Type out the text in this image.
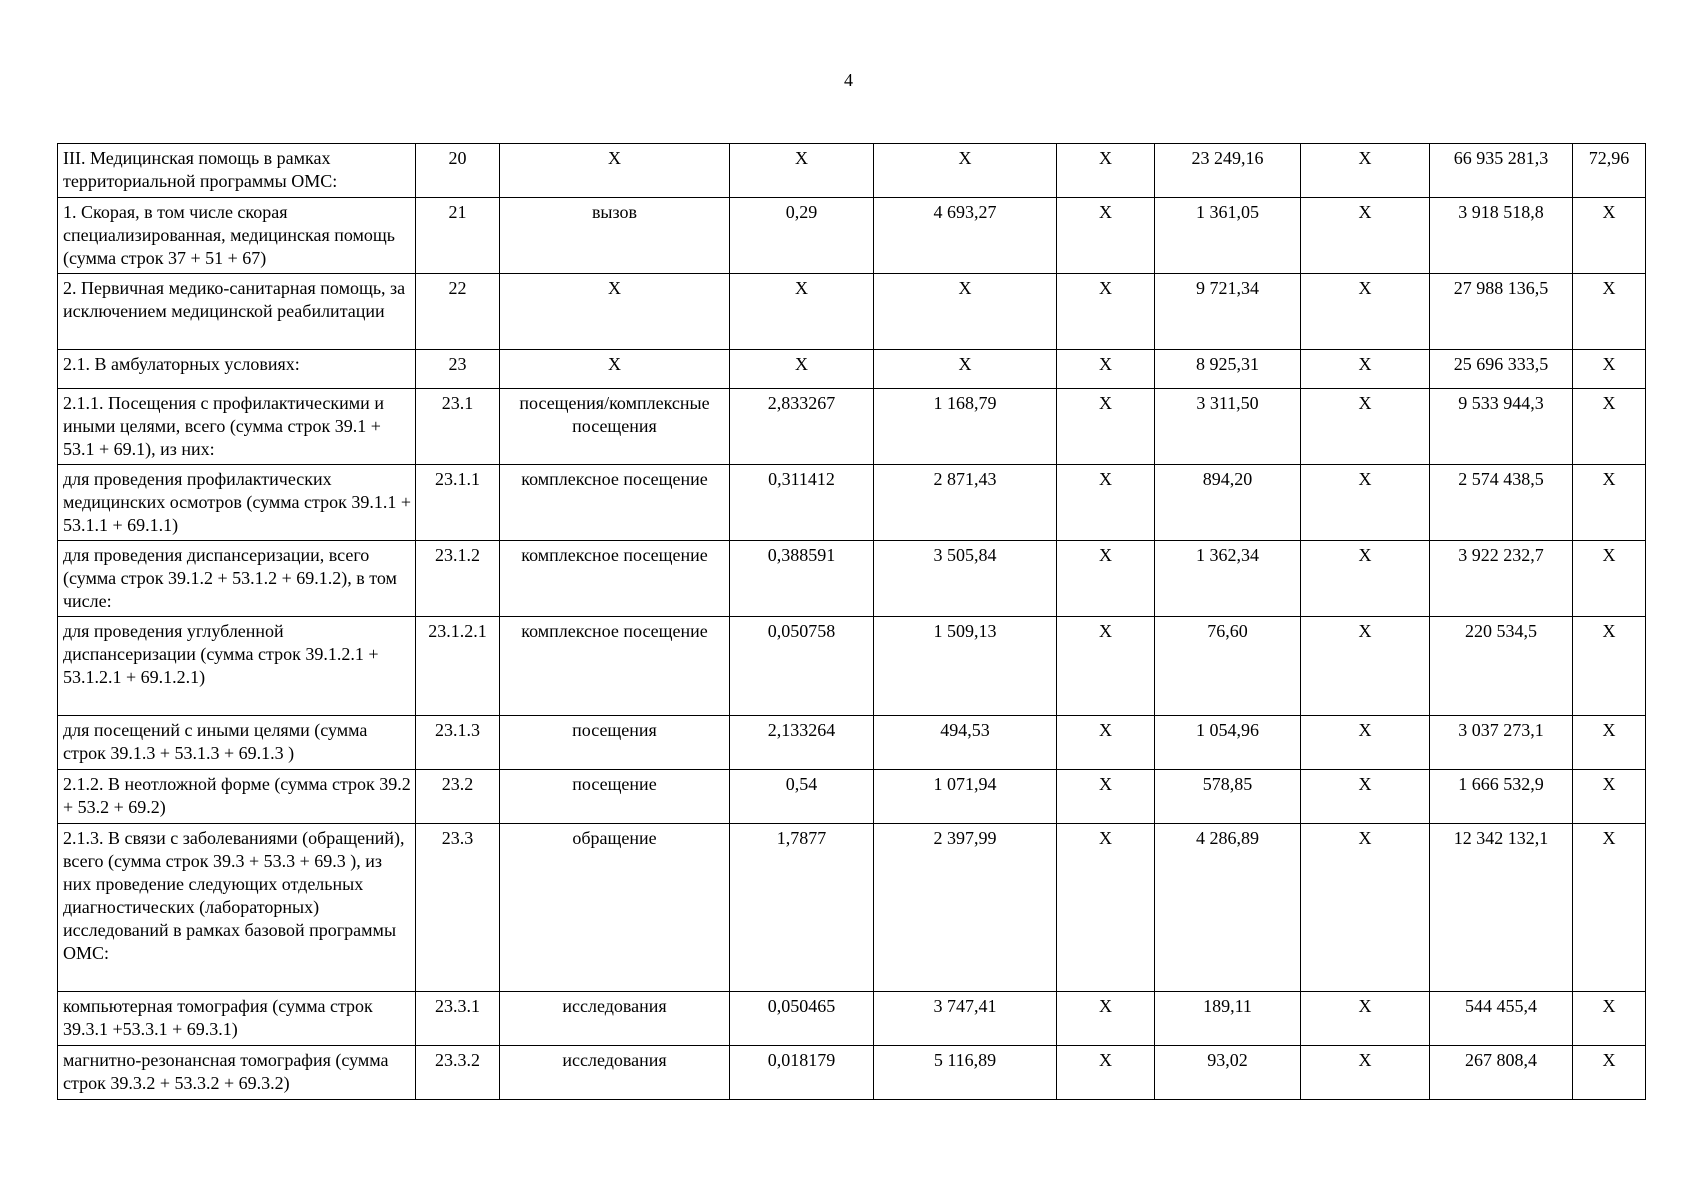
4
III. Медицинская помощь в рамках территориальной программы ОМС:	20	X	X	X	X	23 249,16	X	66 935 281,3	72,96
1. Скорая, в том числе скорая специализированная, медицинская помощь (сумма строк 37 + 51 + 67)	21	вызов	0,29	4 693,27	X	1 361,05	X	3 918 518,8	X
2. Первичная медико-санитарная помощь, за исключением медицинской реабилитации	22	X	X	X	X	9 721,34	X	27 988 136,5	X
2.1. В амбулаторных условиях:	23	X	X	X	X	8 925,31	X	25 696 333,5	X
2.1.1. Посещения с профилактическими и иными целями, всего (сумма строк 39.1 + 53.1 + 69.1), из них:	23.1	посещения/комплексные посещения	2,833267	1 168,79	X	3 311,50	X	9 533 944,3	X
для проведения профилактических медицинских осмотров (сумма строк 39.1.1 + 53.1.1 + 69.1.1)	23.1.1	комплексное посещение	0,311412	2 871,43	X	894,20	X	2 574 438,5	X
для проведения диспансеризации, всего (сумма строк 39.1.2 + 53.1.2 + 69.1.2), в том числе:	23.1.2	комплексное посещение	0,388591	3 505,84	X	1 362,34	X	3 922 232,7	X
для проведения углубленной диспансеризации (сумма строк 39.1.2.1 + 53.1.2.1 + 69.1.2.1)	23.1.2.1	комплексное посещение	0,050758	1 509,13	X	76,60	X	220 534,5	X
для посещений с иными целями (сумма строк 39.1.3 + 53.1.3 + 69.1.3 )	23.1.3	посещения	2,133264	494,53	X	1 054,96	X	3 037 273,1	X
2.1.2. В неотложной форме (сумма строк 39.2 + 53.2 + 69.2)	23.2	посещение	0,54	1 071,94	X	578,85	X	1 666 532,9	X
2.1.3. В связи с заболеваниями (обращений), всего (сумма строк 39.3 + 53.3 + 69.3 ), из них проведение следующих отдельных диагностических (лабораторных) исследований в рамках базовой программы ОМС:	23.3	обращение	1,7877	2 397,99	X	4 286,89	X	12 342 132,1	X
компьютерная томография (сумма строк 39.3.1 +53.3.1 + 69.3.1)	23.3.1	исследования	0,050465	3 747,41	X	189,11	X	544 455,4	X
магнитно-резонансная томография (сумма строк 39.3.2 + 53.3.2 + 69.3.2)	23.3.2	исследования	0,018179	5 116,89	X	93,02	X	267 808,4	X
